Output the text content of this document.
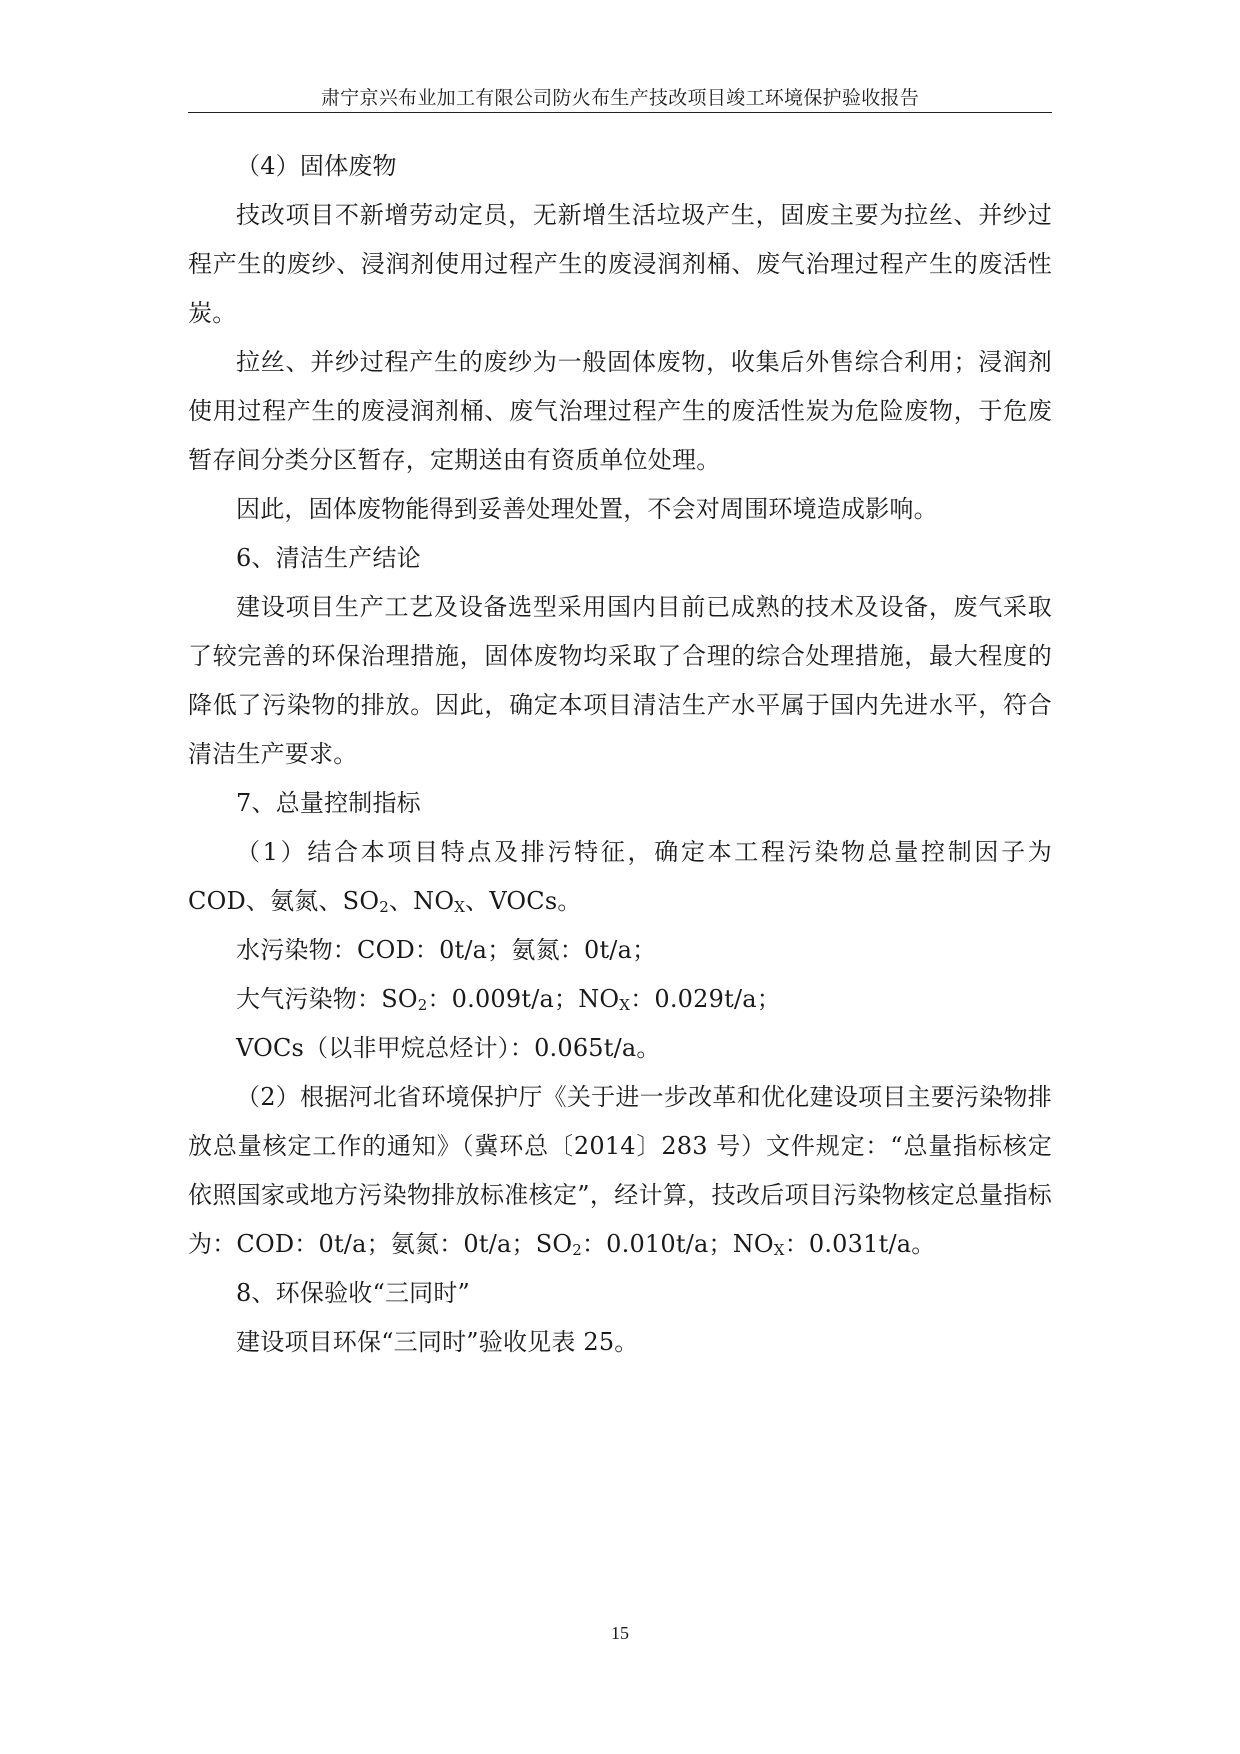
肃宁京兴布业加工有限公司防火布生产技改项目竣工环境保护验收报告

（4）固体废物

技改项目不新增劳动定员，无新增生活垃圾产生，固废主要为拉丝、并纱过程产生的废纱、浸润剂使用过程产生的废浸润剂桶、废气治理过程产生的废活性炭。

拉丝、并纱过程产生的废纱为一般固体废物，收集后外售综合利用；浸润剂使用过程产生的废浸润剂桶、废气治理过程产生的废活性炭为危险废物，于危废暂存间分类分区暂存，定期送由有资质单位处理。

因此，固体废物能得到妥善处理处置，不会对周围环境造成影响。

6、清洁生产结论

建设项目生产工艺及设备选型采用国内目前已成熟的技术及设备，废气采取了较完善的环保治理措施，固体废物均采取了合理的综合处理措施，最大程度的降低了污染物的排放。因此，确定本项目清洁生产水平属于国内先进水平，符合清洁生产要求。

7、总量控制指标

（1）结合本项目特点及排污特征，确定本工程污染物总量控制因子为 COD、氨氮、$SO_2$、$NO_X$、VOCs。

水污染物：COD：0t/a；氨氮：0t/a；

大气污染物：$SO_2$：0.009t/a；$NO_X$：0.029t/a；

VOCs（以非甲烷总烃计）：0.065t/a。

（2）根据河北省环境保护厅《关于进一步改革和优化建设项目主要污染物排放总量核定工作的通知》（冀环总〔2014〕283 号）文件规定：“总量指标核定依照国家或地方污染物排放标准核定”，经计算，技改后项目污染物核定总量指标为：COD：0t/a；氨氮：0t/a；$SO_2$：0.010t/a；$NO_X$：0.031t/a。

8、环保验收“三同时”

建设项目环保“三同时”验收见表 25。

15
